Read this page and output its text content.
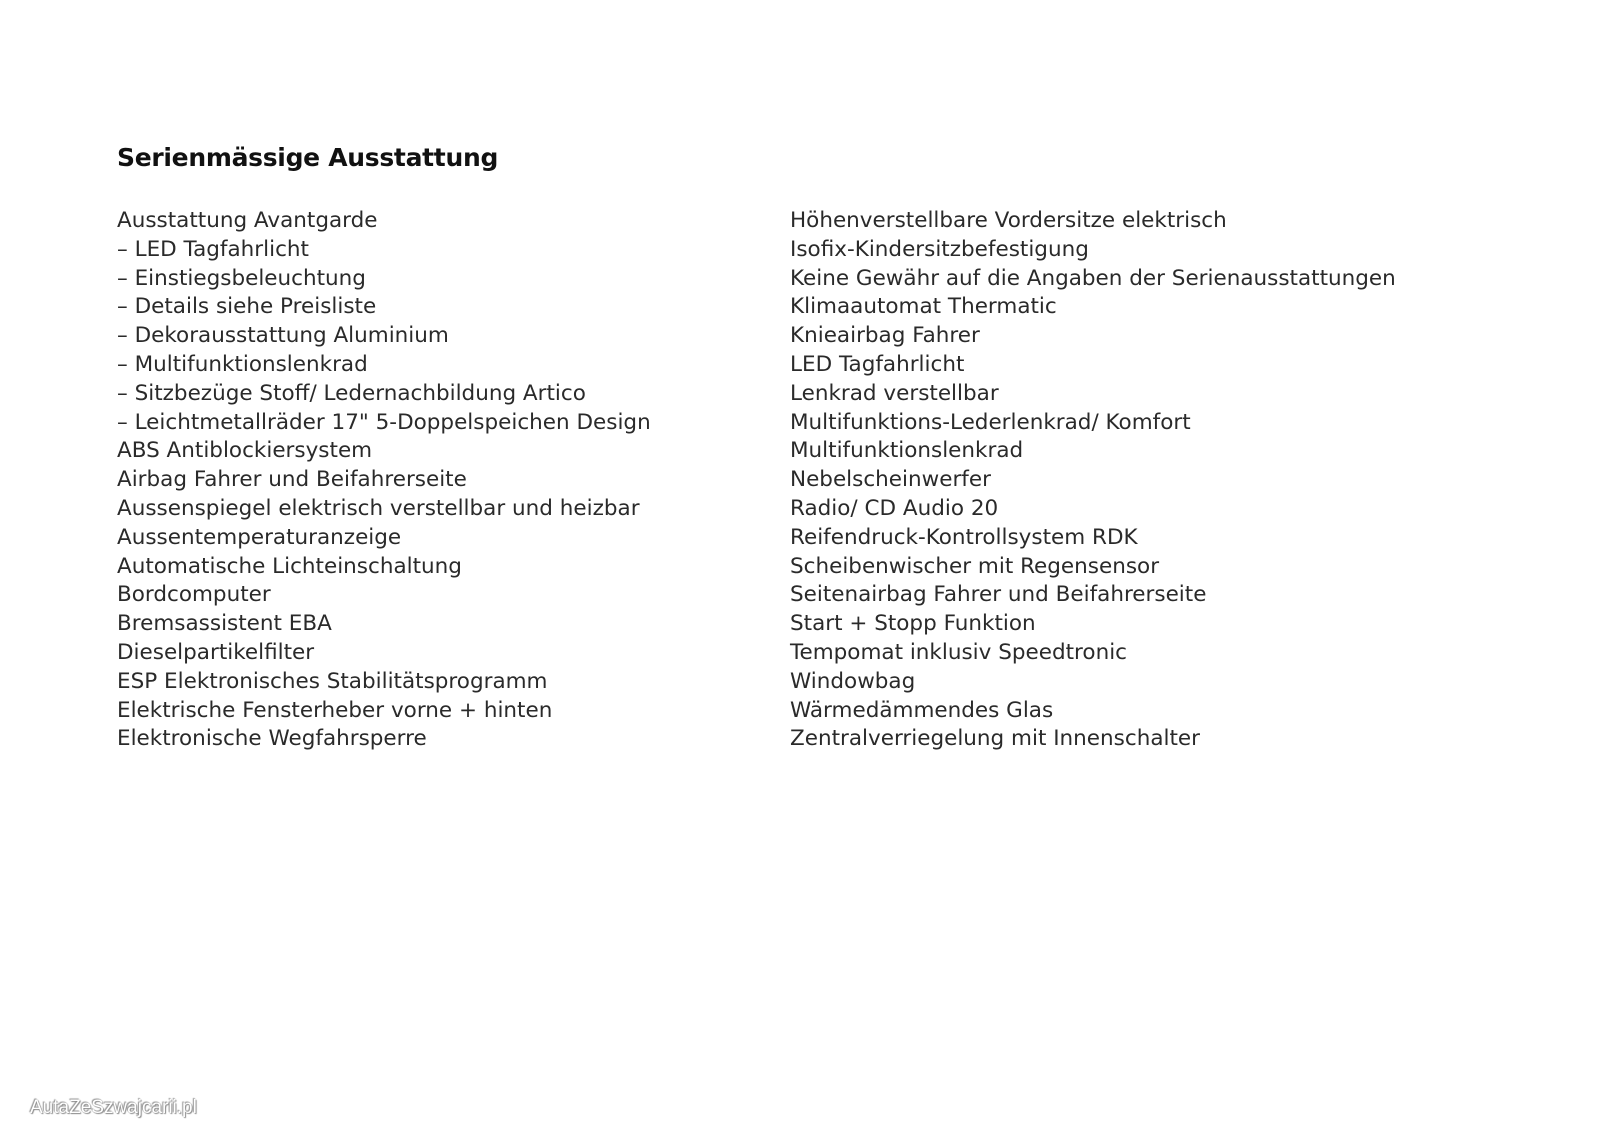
Serienmässige Ausstattung
Ausstattung Avantgarde
– LED Tagfahrlicht
– Einstiegsbeleuchtung
– Details siehe Preisliste
– Dekorausstattung Aluminium
– Multifunktionslenkrad
– Sitzbezüge Stoff/ Ledernachbildung Artico
– Leichtmetallräder 17" 5-Doppelspeichen Design
ABS Antiblockiersystem
Airbag Fahrer und Beifahrerseite
Aussenspiegel elektrisch verstellbar und heizbar
Aussentemperaturanzeige
Automatische Lichteinschaltung
Bordcomputer
Bremsassistent EBA
Dieselpartikelfilter
ESP Elektronisches Stabilitätsprogramm
Elektrische Fensterheber vorne + hinten
Elektronische Wegfahrsperre
Höhenverstellbare Vordersitze elektrisch
Isofix-Kindersitzbefestigung
Keine Gewähr auf die Angaben der Serienausstattungen
Klimaautomat Thermatic
Knieairbag Fahrer
LED Tagfahrlicht
Lenkrad verstellbar
Multifunktions-Lederlenkrad/ Komfort
Multifunktionslenkrad
Nebelscheinwerfer
Radio/ CD Audio 20
Reifendruck-Kontrollsystem RDK
Scheibenwischer mit Regensensor
Seitenairbag Fahrer und Beifahrerseite
Start + Stopp Funktion
Tempomat inklusiv Speedtronic
Windowbag
Wärmedämmendes Glas
Zentralverriegelung mit Innenschalter
AutaZeSzwajcarii.pl
